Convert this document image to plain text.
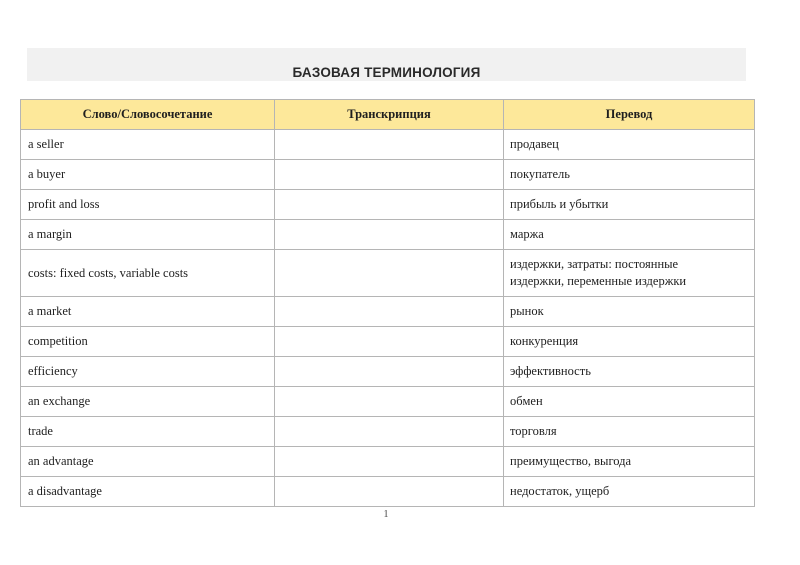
БАЗОВАЯ ТЕРМИНОЛОГИЯ
Слово/Словосочетание	Транскрипция	Перевод
a seller		продавец
a buyer		покупатель
profit and loss		прибыль и убытки
a margin		маржа
costs: fixed costs, variable costs		издержки, затраты: постоянные
издержки, переменные издержки
a market		рынок
competition		конкуренция
efficiency		эффективность
an exchange		обмен
trade		торговля
an advantage		преимущество, выгода
a disadvantage		недостаток, ущерб
1
